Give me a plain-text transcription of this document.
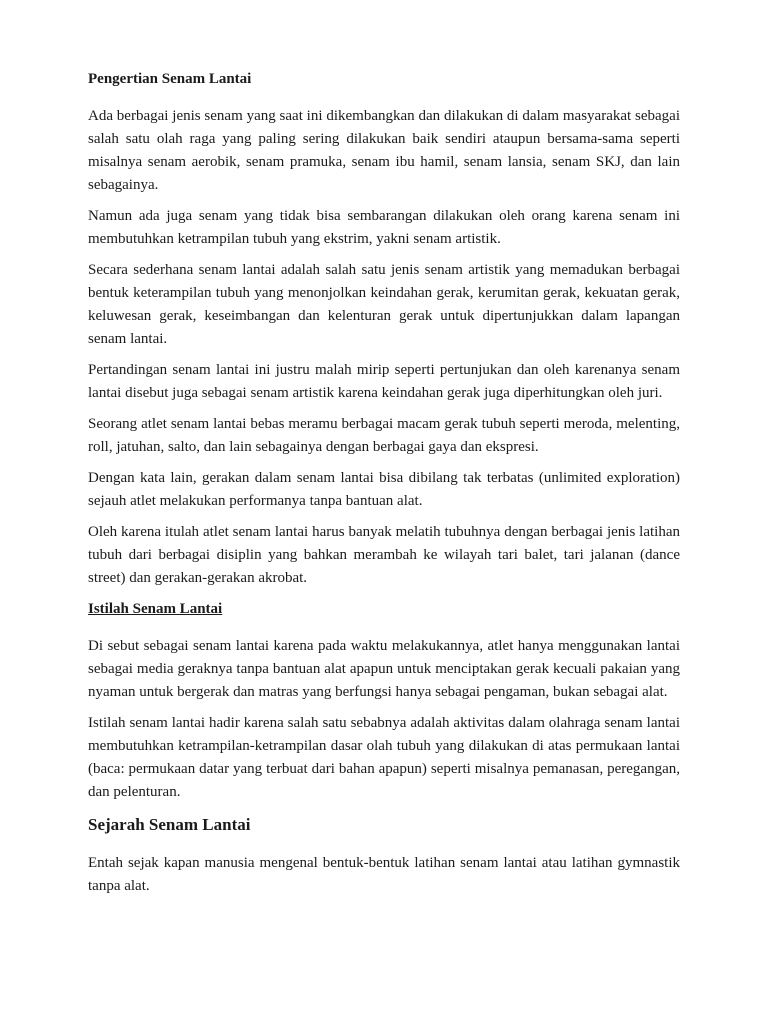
Pengertian Senam Lantai

Ada berbagai jenis senam yang saat ini dikembangkan dan dilakukan di dalam masyarakat sebagai salah satu olah raga yang paling sering dilakukan baik sendiri ataupun bersama-sama seperti misalnya senam aerobik, senam pramuka, senam ibu hamil, senam lansia, senam SKJ, dan lain sebagainya.

Namun ada juga senam yang tidak bisa sembarangan dilakukan oleh orang karena senam ini membutuhkan ketrampilan tubuh yang ekstrim, yakni senam artistik.

Secara sederhana senam lantai adalah salah satu jenis senam artistik yang memadukan berbagai bentuk keterampilan tubuh yang menonjolkan keindahan gerak, kerumitan gerak, kekuatan gerak, keluwesan gerak, keseimbangan dan kelenturan gerak untuk dipertunjukkan dalam lapangan senam lantai.

Pertandingan senam lantai ini justru malah mirip seperti pertunjukan dan oleh karenanya senam lantai disebut juga sebagai senam artistik karena keindahan gerak juga diperhitungkan oleh juri.

Seorang atlet senam lantai bebas meramu berbagai macam gerak tubuh seperti meroda, melenting, roll, jatuhan, salto, dan lain sebagainya dengan berbagai gaya dan ekspresi.

Dengan kata lain, gerakan dalam senam lantai bisa dibilang tak terbatas (unlimited exploration) sejauh atlet melakukan performanya tanpa bantuan alat.

Oleh karena itulah atlet senam lantai harus banyak melatih tubuhnya dengan berbagai jenis latihan tubuh dari berbagai disiplin yang bahkan merambah ke wilayah tari balet, tari jalanan (dance street) dan gerakan-gerakan akrobat.

Istilah Senam Lantai

Di sebut sebagai senam lantai karena pada waktu melakukannya, atlet hanya menggunakan lantai sebagai media geraknya tanpa bantuan alat apapun untuk menciptakan gerak kecuali pakaian yang nyaman untuk bergerak dan matras yang berfungsi hanya sebagai pengaman, bukan sebagai alat.

Istilah senam lantai hadir karena salah satu sebabnya adalah aktivitas dalam olahraga senam lantai membutuhkan ketrampilan-ketrampilan dasar olah tubuh yang dilakukan di atas permukaan lantai (baca: permukaan datar yang terbuat dari bahan apapun) seperti misalnya pemanasan, peregangan, dan pelenturan.

Sejarah Senam Lantai

Entah sejak kapan manusia mengenal bentuk-bentuk latihan senam lantai atau latihan gymnastik tanpa alat.
